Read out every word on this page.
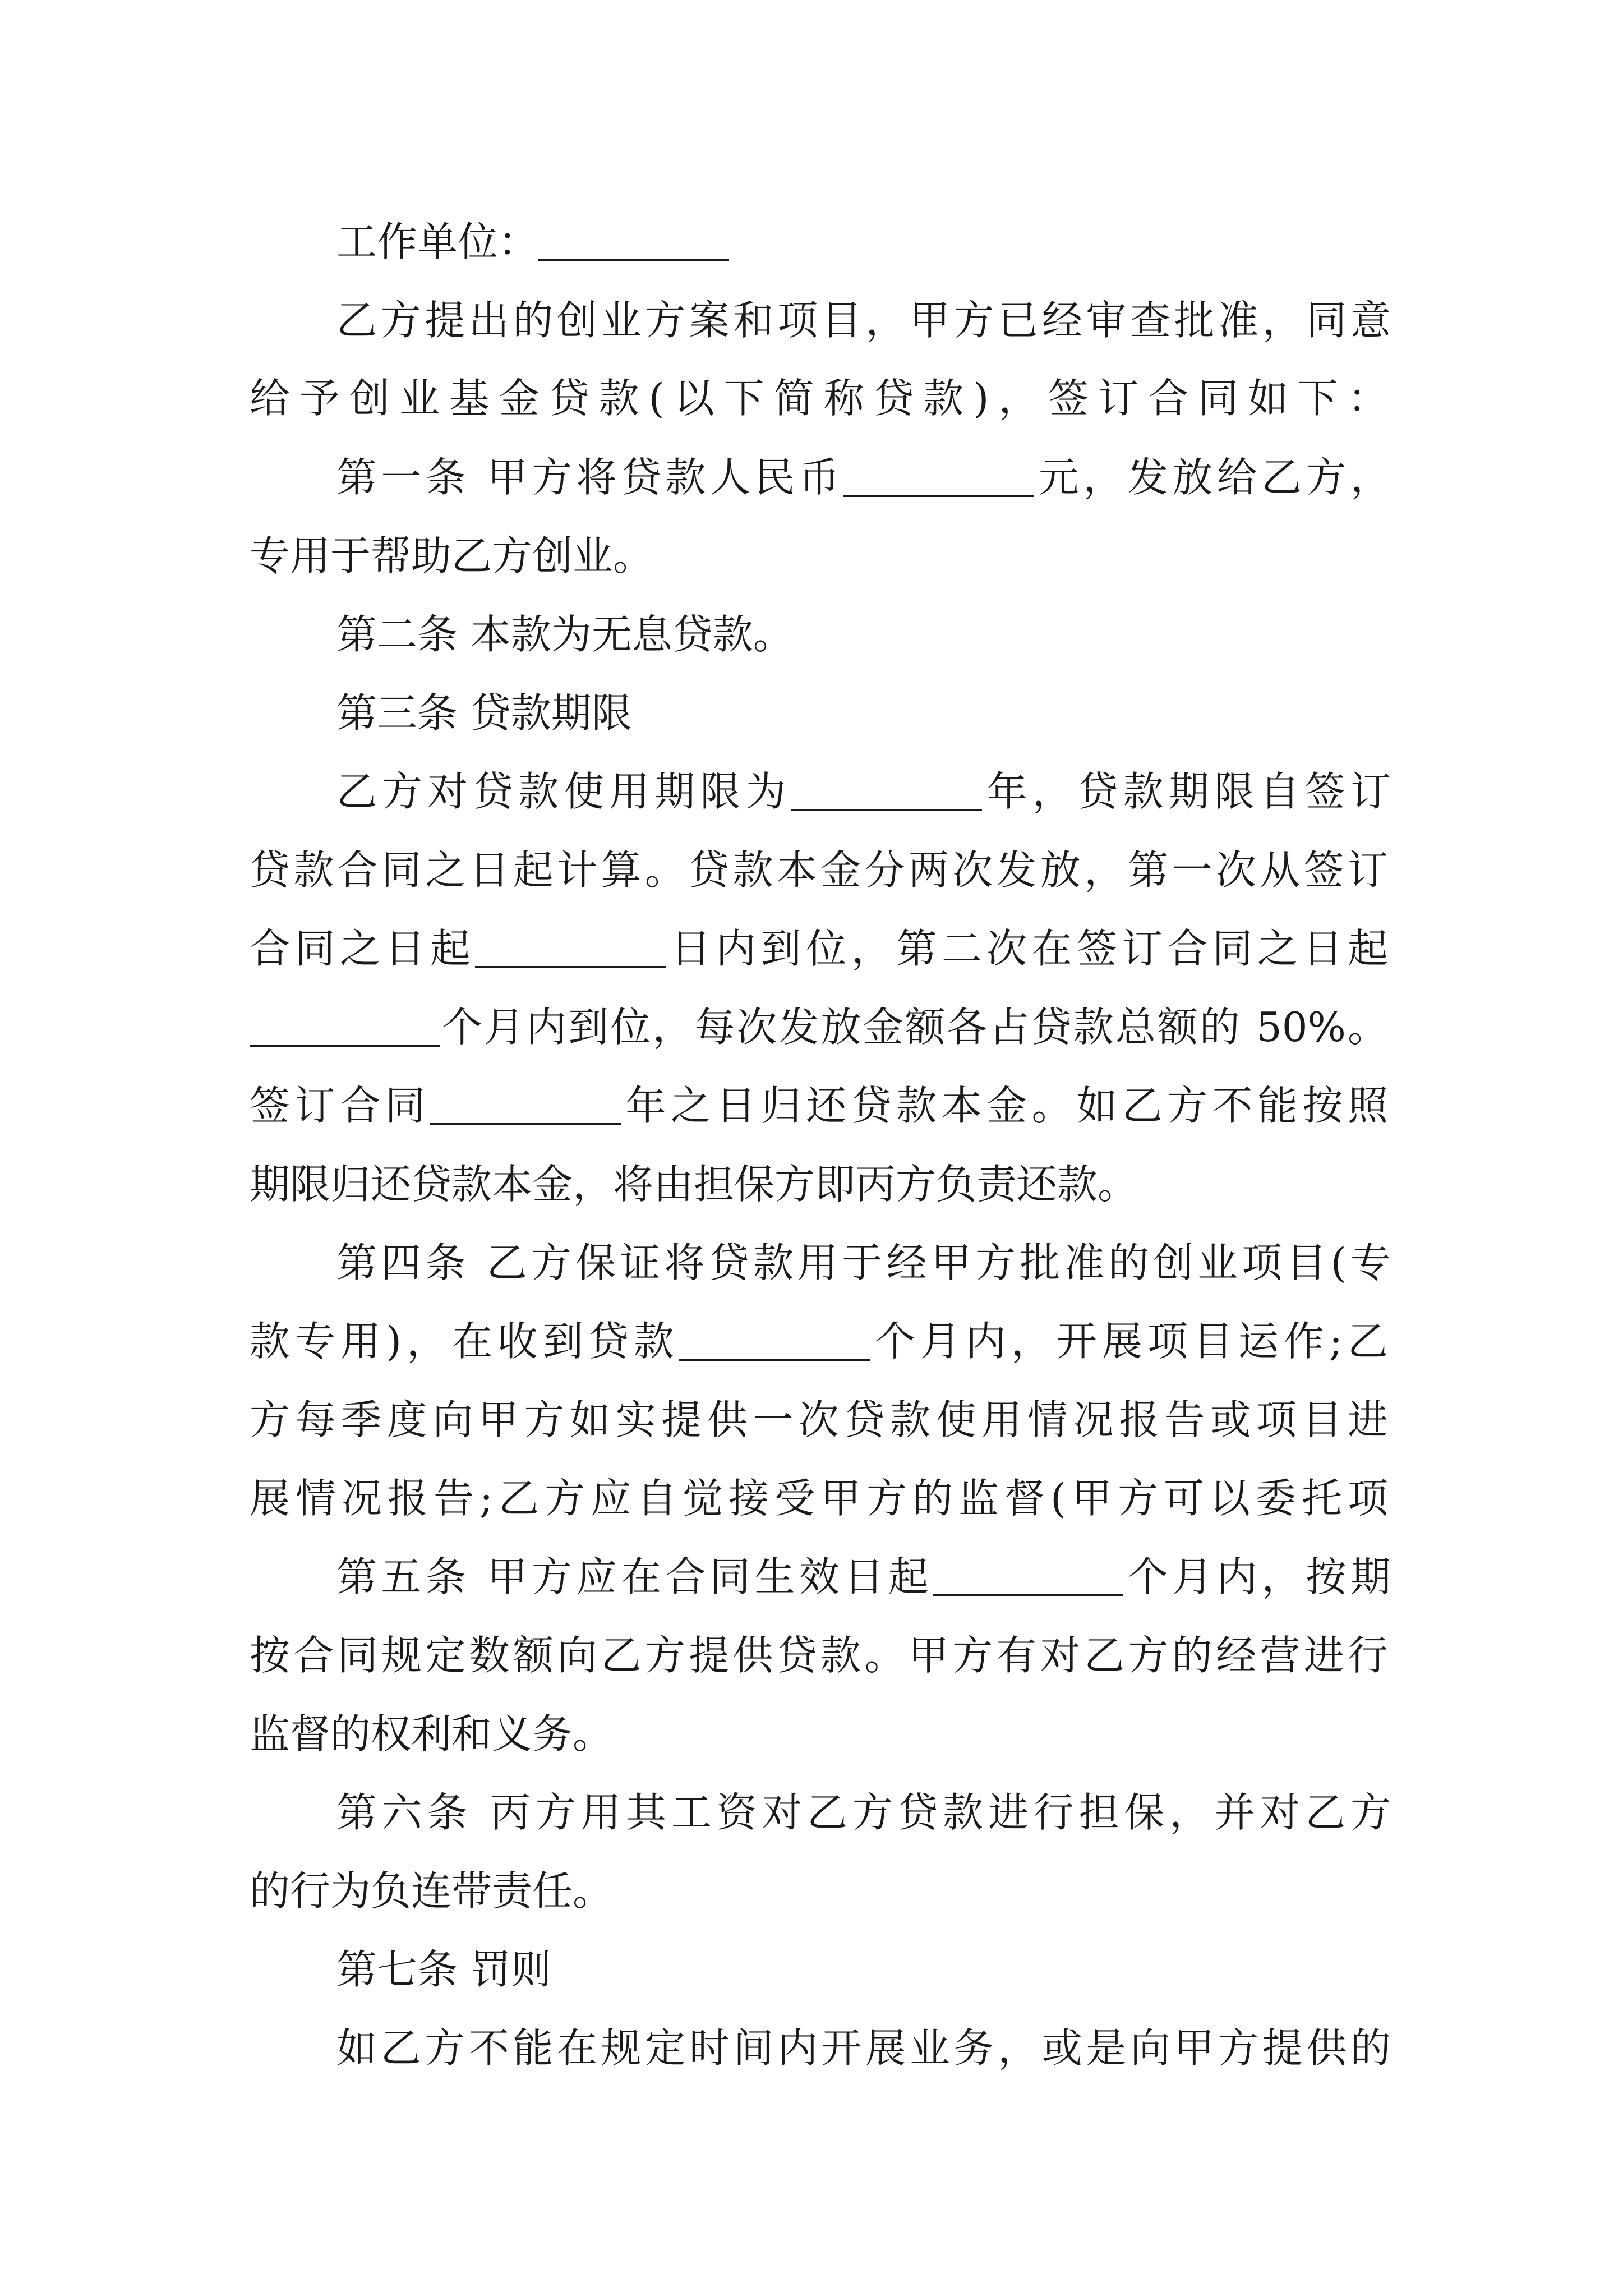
工作单位：
乙方提出的创业方案和项目，甲方已经审查批准，同意
给予创业基金贷款(以下简称贷款)，签订合同如下：
第一条 甲方将贷款人民币	元，发放给乙方，
专用于帮助乙方创业。
第二条 本款为无息贷款。
第三条 贷款期限
乙方对贷款使用期限为	年，贷款期限自签订
贷款合同之日起计算。贷款本金分两次发放，第一次从签订
合同之日起	日内到位，第二次在签订合同之日起
个月内到位，每次发放金额各占贷款总额的 50%。
签订合同	年之日归还贷款本金。如乙方不能按照
期限归还贷款本金，将由担保方即丙方负责还款。
第四条 乙方保证将贷款用于经甲方批准的创业项目(专
款专用)，在收到贷款	个月内，开展项目运作;乙
方每季度向甲方如实提供一次贷款使用情况报告或项目进
展情况报告;乙方应自觉接受甲方的监督(甲方可以委托项
第五条 甲方应在合同生效日起	个月内，按期
按合同规定数额向乙方提供贷款。甲方有对乙方的经营进行
监督的权利和义务。
第六条 丙方用其工资对乙方贷款进行担保，并对乙方
的行为负连带责任。
第七条 罚则
如乙方不能在规定时间内开展业务，或是向甲方提供的
